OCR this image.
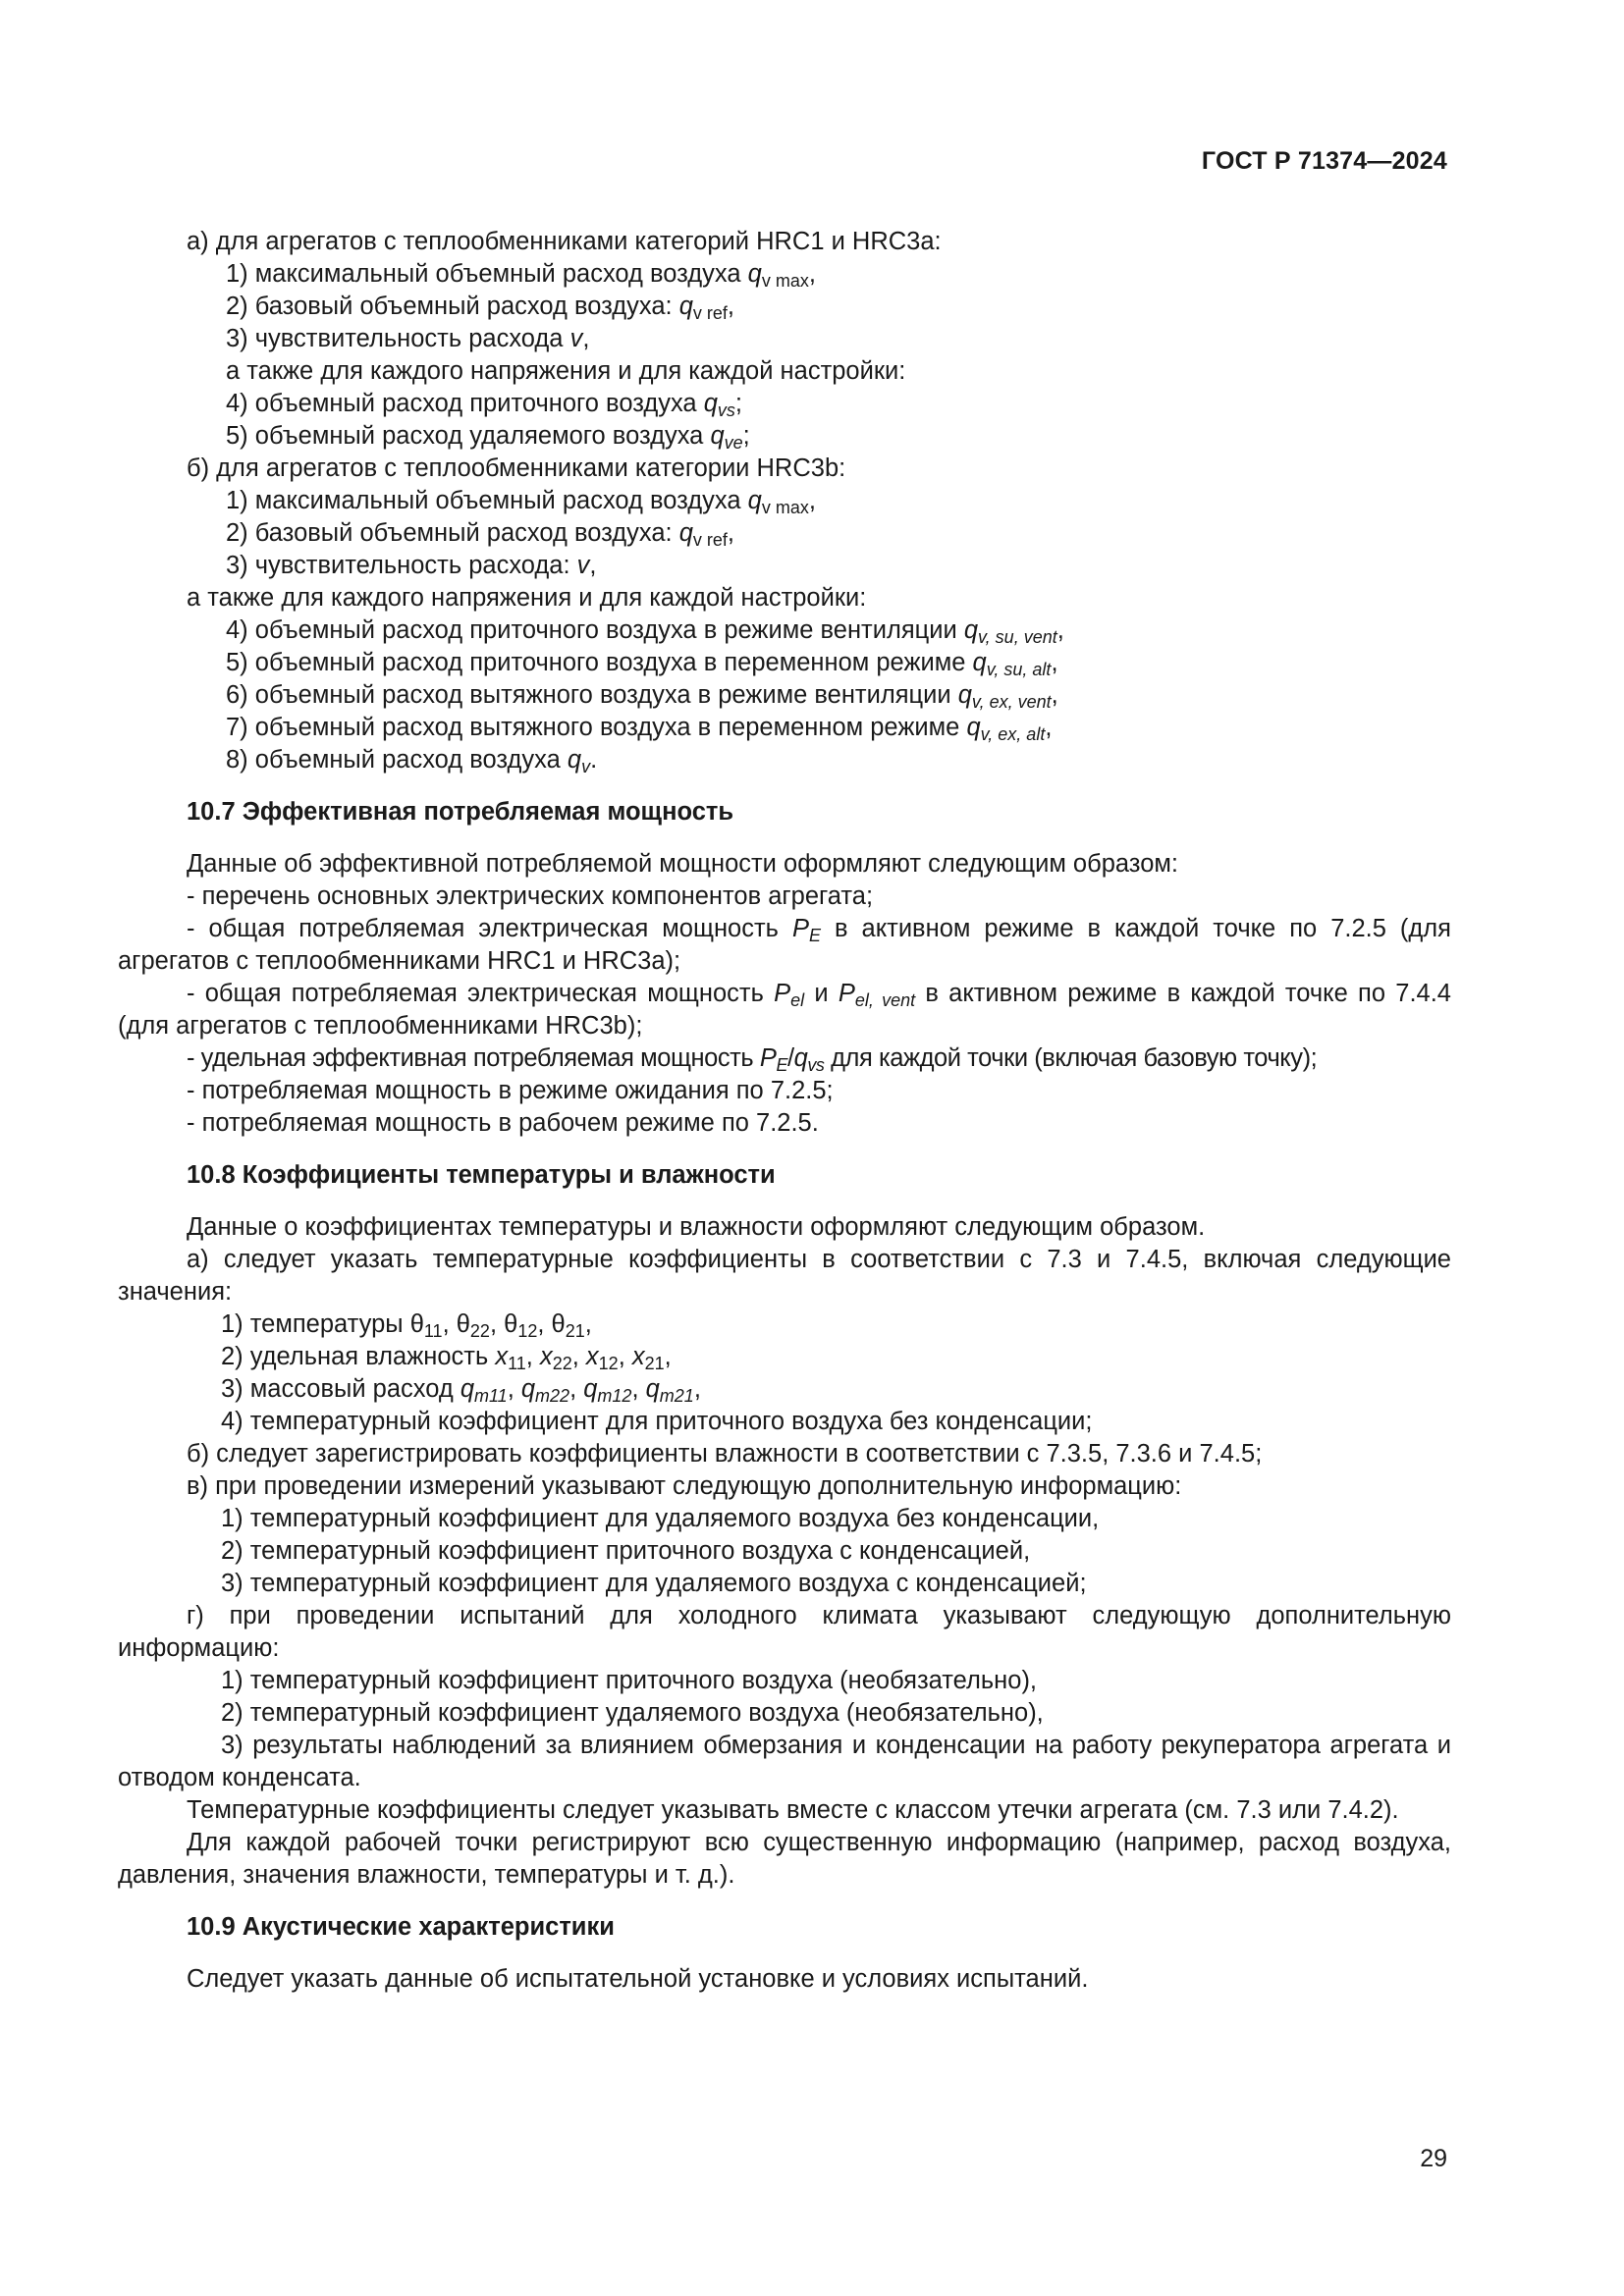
ГОСТ Р 71374—2024
а) для агрегатов с теплообменниками категорий HRC1 и HRC3a:
1) максимальный объемный расход воздуха $q_{v max}$,
2) базовый объемный расход воздуха: $q_{v ref}$,
3) чувствительность расхода v,
а также для каждого напряжения и для каждой настройки:
4) объемный расход приточного воздуха $q_{vs}$;
5) объемный расход удаляемого воздуха $q_{ve}$;
б) для агрегатов с теплообменниками категории HRC3b:
1) максимальный объемный расход воздуха $q_{v max}$,
2) базовый объемный расход воздуха: $q_{v ref}$,
3) чувствительность расхода: v,
а также для каждого напряжения и для каждой настройки:
4) объемный расход приточного воздуха в режиме вентиляции $q_{v, su, vent}$,
5) объемный расход приточного воздуха в переменном режиме $q_{v, su, alt}$,
6) объемный расход вытяжного воздуха в режиме вентиляции $q_{v, ex, vent}$,
7) объемный расход вытяжного воздуха в переменном режиме $q_{v, ex, alt}$,
8) объемный расход воздуха $q_v$.
10.7 Эффективная потребляемая мощность
Данные об эффективной потребляемой мощности оформляют следующим образом:
- перечень основных электрических компонентов агрегата;
- общая потребляемая электрическая мощность $P_E$ в активном режиме в каждой точке по 7.2.5 (для агрегатов с теплообменниками HRC1 и HRC3a);
- общая потребляемая электрическая мощность $P_{el}$ и $P_{el, vent}$ в активном режиме в каждой точке по 7.4.4 (для агрегатов с теплообменниками HRC3b);
- удельная эффективная потребляемая мощность $P_E/q_{vs}$ для каждой точки (включая базовую точку);
- потребляемая мощность в режиме ожидания по 7.2.5;
- потребляемая мощность в рабочем режиме по 7.2.5.
10.8 Коэффициенты температуры и влажности
Данные о коэффициентах температуры и влажности оформляют следующим образом.
а) следует указать температурные коэффициенты в соответствии с 7.3 и 7.4.5, включая следующие значения:
1) температуры $\theta_{11}$, $\theta_{22}$, $\theta_{12}$, $\theta_{21}$,
2) удельная влажность $x_{11}$, $x_{22}$, $x_{12}$, $x_{21}$,
3) массовый расход $q_{m11}$, $q_{m22}$, $q_{m12}$, $q_{m21}$,
4) температурный коэффициент для приточного воздуха без конденсации;
б) следует зарегистрировать коэффициенты влажности в соответствии с 7.3.5, 7.3.6 и 7.4.5;
в) при проведении измерений указывают следующую дополнительную информацию:
1) температурный коэффициент для удаляемого воздуха без конденсации,
2) температурный коэффициент приточного воздуха с конденсацией,
3) температурный коэффициент для удаляемого воздуха с конденсацией;
г) при проведении испытаний для холодного климата указывают следующую дополнительную информацию:
1) температурный коэффициент приточного воздуха (необязательно),
2) температурный коэффициент удаляемого воздуха (необязательно),
3) результаты наблюдений за влиянием обмерзания и конденсации на работу рекуператора агрегата и отводом конденсата.
Температурные коэффициенты следует указывать вместе с классом утечки агрегата (см. 7.3 или 7.4.2).
Для каждой рабочей точки регистрируют всю существенную информацию (например, расход воздуха, давления, значения влажности, температуры и т. д.).
10.9 Акустические характеристики
Следует указать данные об испытательной установке и условиях испытаний.
29
